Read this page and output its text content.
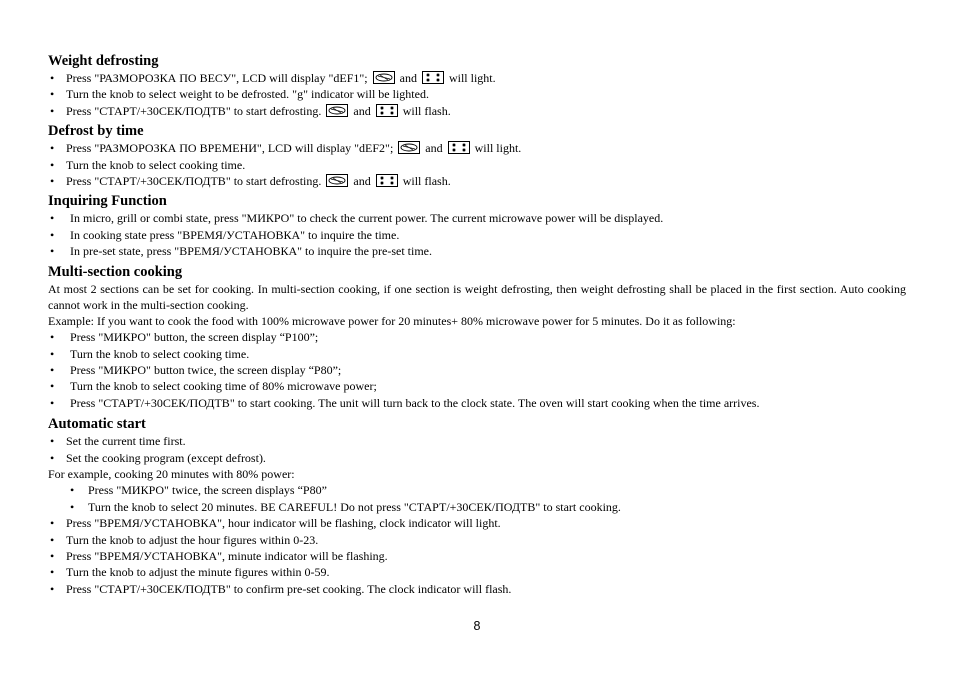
Weight defrosting

• Press "РАЗМОРОЗКА ПО ВЕСУ", LCD will display "dEF1";	and	will light.
• Turn the knob to select weight to be defrosted. "g" indicator will be lighted.
• Press "СТАРТ/+30СЕК/ПОДТВ" to start defrosting.	and	will flash.

Defrost by time

• Press "РАЗМОРОЗКА ПО ВРЕМЕНИ", LCD will display "dEF2";	and	will light.
• Turn the knob to select cooking time.
• Press "СТАРТ/+30СЕК/ПОДТВ" to start defrosting.	and	will flash.

Inquiring Function

• In micro, grill or combi state, press "МИКРО" to check the current power. The current microwave power will be displayed.
• In cooking state press "ВРЕМЯ/УСТАНОВКА" to inquire the time.
• In pre-set state, press "ВРЕМЯ/УСТАНОВКА" to inquire the pre-set time.

Multi-section cooking

At most 2 sections can be set for cooking. In multi-section cooking, if one section is weight defrosting, then weight defrosting shall be placed in the first section. Auto cooking cannot work in the multi-section cooking.

Example: If you want to cook the food with 100% microwave power for 20 minutes+ 80% microwave power for 5 minutes. Do it as following:

• Press "МИКРО" button, the screen display “P100”;
• Turn the knob to select cooking time.
• Press "МИКРО" button twice, the screen display “P80”;
• Turn the knob to select cooking time of 80% microwave power;
• Press "СТАРТ/+30СЕК/ПОДТВ" to start cooking. The unit will turn back to the clock state. The oven will start cooking when the time arrives.

Automatic start

• Set the current time first.
• Set the cooking program (except defrost).

For example, cooking 20 minutes with 80% power:

• Press "МИКРО" twice, the screen displays “P80”
• Turn the knob to select 20 minutes. BE CAREFUL! Do not press "СТАРТ/+30СЕК/ПОДТВ" to start cooking.
• Press "ВРЕМЯ/УСТАНОВКА", hour indicator will be flashing, clock indicator will light.
• Turn the knob to adjust the hour figures within 0-23.
• Press "ВРЕМЯ/УСТАНОВКА", minute indicator will be flashing.
• Turn the knob to adjust the minute figures within 0-59.
• Press "СТАРТ/+30СЕК/ПОДТВ" to confirm pre-set cooking. The clock indicator will flash.
8
